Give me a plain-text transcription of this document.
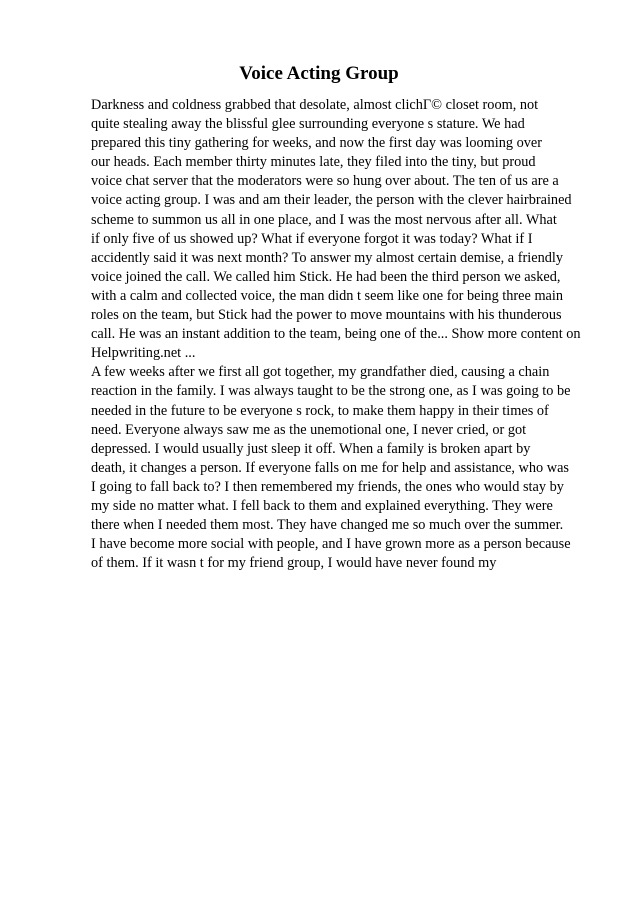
Voice Acting Group
Darkness and coldness grabbed that desolate, almost clichГ© closet room, not
quite stealing away the blissful glee surrounding everyone s stature. We had
prepared this tiny gathering for weeks, and now the first day was looming over
our heads. Each member thirty minutes late, they filed into the tiny, but proud
voice chat server that the moderators were so hung over about. The ten of us are a
voice acting group. I was and am their leader, the person with the clever hairbrained
scheme to summon us all in one place, and I was the most nervous after all. What
if only five of us showed up? What if everyone forgot it was today? What if I
accidently said it was next month? To answer my almost certain demise, a friendly
voice joined the call. We called him Stick. He had been the third person we asked,
with a calm and collected voice, the man didn t seem like one for being three main
roles on the team, but Stick had the power to move mountains with his thunderous
call. He was an instant addition to the team, being one of the... Show more content on
Helpwriting.net ...
A few weeks after we first all got together, my grandfather died, causing a chain
reaction in the family. I was always taught to be the strong one, as I was going to be
needed in the future to be everyone s rock, to make them happy in their times of
need. Everyone always saw me as the unemotional one, I never cried, or got
depressed. I would usually just sleep it off. When a family is broken apart by
death, it changes a person. If everyone falls on me for help and assistance, who was
I going to fall back to? I then remembered my friends, the ones who would stay by
my side no matter what. I fell back to them and explained everything. They were
there when I needed them most. They have changed me so much over the summer.
I have become more social with people, and I have grown more as a person because
of them. If it wasn t for my friend group, I would have never found my
